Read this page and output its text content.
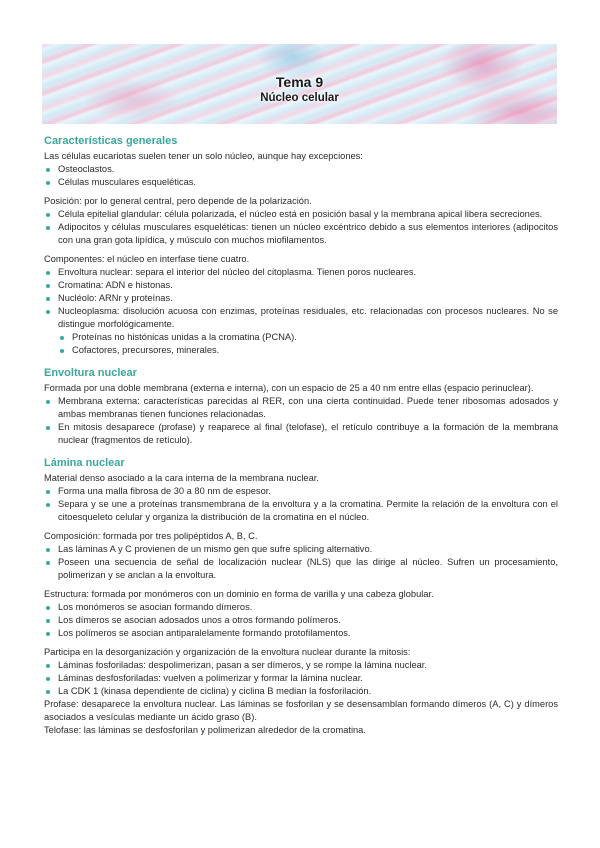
Tema 9
Núcleo celular
Características generales

Las células eucariotas suelen tener un solo núcleo, aunque hay excepciones:

Osteoclastos.
Células musculares esqueléticas.

Posición: por lo general central, pero depende de la polarización.

Célula epitelial glandular: célula polarizada, el núcleo está en posición basal y la membrana apical libera secreciones.
Adipocitos y células musculares esqueléticas: tienen un núcleo excéntrico debido a sus elementos interiores (adipocitos con una gran gota lipídica, y músculo con muchos miofilamentos.

Componentes: el núcleo en interfase tiene cuatro.

Envoltura nuclear: separa el interior del núcleo del citoplasma. Tienen poros nucleares.
Cromatina: ADN e histonas.
Nucléolo: ARNr y proteínas.
Nucleoplasma: disolución acuosa con enzimas, proteínas residuales, etc. relacionadas con procesos nucleares. No se distingue morfológicamente.
Proteínas no histónicas unidas a la cromatina (PCNA).
Cofactores, precursores, minerales.
Envoltura nuclear

Formada por una doble membrana (externa e interna), con un espacio de 25 a 40 nm entre ellas (espacio perinuclear).

Membrana externa: características parecidas al RER, con una cierta continuidad. Puede tener ribosomas adosados y ambas membranas tienen funciones relacionadas.
En mitosis desaparece (profase) y reaparece al final (telofase), el retículo contribuye a la formación de la membrana nuclear (fragmentos de retículo).
Lámina nuclear

Material denso asociado a la cara interna de la membrana nuclear.

Forma una malla fibrosa de 30 a 80 nm de espesor.
Separa y se une a proteínas transmembrana de la envoltura y a la cromatina. Permite la relación de la envoltura con el citoesqueleto celular y organiza la distribución de la cromatina en el núcleo.

Composición: formada por tres polipéptidos A, B, C.

Las láminas A y C provienen de un mismo gen que sufre splicing alternativo.
Poseen una secuencia de señal de localización nuclear (NLS) que las dirige al núcleo. Sufren un procesamiento, polimerizan y se anclan a la envoltura.

Estructura: formada por monómeros con un dominio en forma de varilla y una cabeza globular.

Los monómeros se asocian formando dímeros.
Los dímeros se asocian adosados unos a otros formando polímeros.
Los polímeros se asocian antiparalelamente formando protofilamentos.

Participa en la desorganización y organización de la envoltura nuclear durante la mitosis:

Láminas fosforiladas: despolimerizan, pasan a ser dímeros, y se rompe la lámina nuclear.
Láminas desfosforiladas: vuelven a polimerizar y formar la lámina nuclear.
La CDK 1 (kinasa dependiente de ciclina) y ciclina B median la fosforilación.

Profase: desaparece la envoltura nuclear. Las láminas se fosforilan y se desensamblan formando dímeros (A, C) y dímeros asociados a vesículas mediante un ácido graso (B).

Telofase: las láminas se desfosforilan y polimerizan alrededor de la cromatina.
